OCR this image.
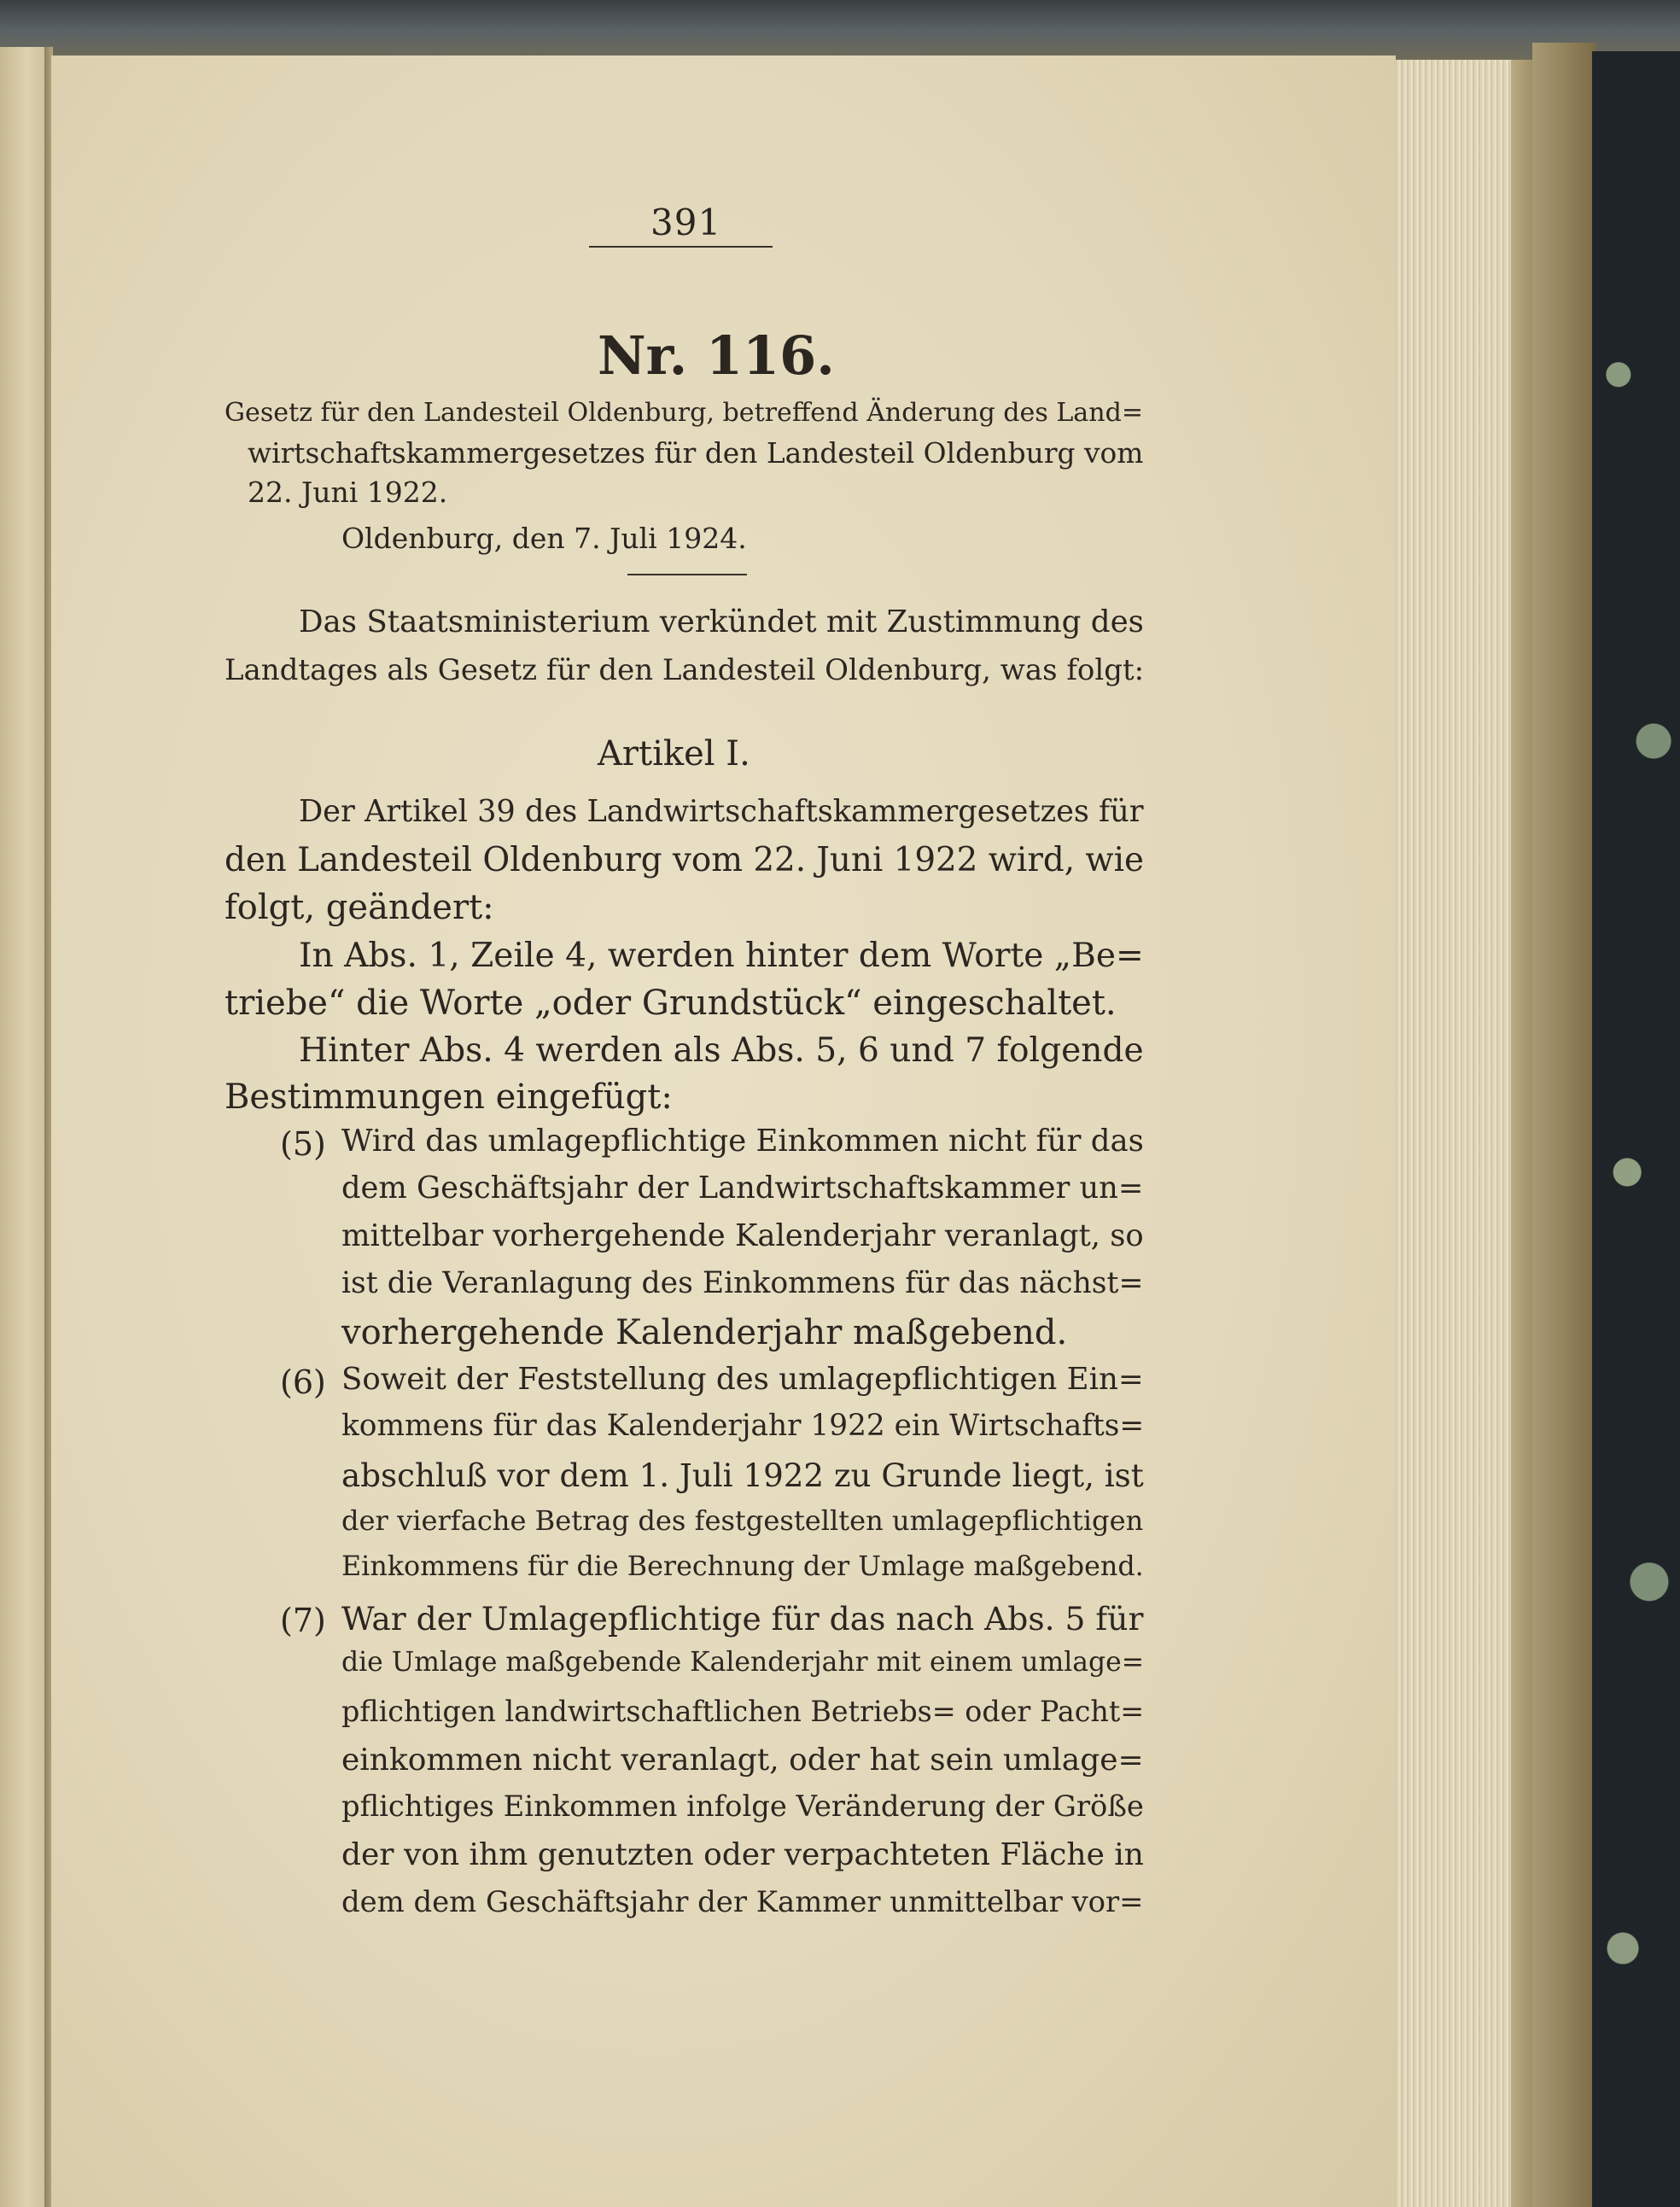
391
Nr. 116.
Gesetz für den Landesteil Oldenburg, betreffend Änderung des Land=
wirtschaftskammergesetzes für den Landesteil Oldenburg vom
22. Juni 1922.
Oldenburg, den 7. Juli 1924.
Das Staatsministerium verkündet mit Zustimmung des
Landtages als Gesetz für den Landesteil Oldenburg, was folgt:
Artikel I.
Der Artikel 39 des Landwirtschaftskammergesetzes für
den Landesteil Oldenburg vom 22. Juni 1922 wird, wie
folgt, geändert:
In Abs. 1, Zeile 4, werden hinter dem Worte „Be=
triebe“ die Worte „oder Grundstück“ eingeschaltet.
Hinter Abs. 4 werden als Abs. 5, 6 und 7 folgende
Bestimmungen eingefügt:
(5) Wird das umlagepflichtige Einkommen nicht für das
dem Geschäftsjahr der Landwirtschaftskammer un=
mittelbar vorhergehende Kalenderjahr veranlagt, so
ist die Veranlagung des Einkommens für das nächst=
vorhergehende Kalenderjahr maßgebend.
(6) Soweit der Feststellung des umlagepflichtigen Ein=
kommens für das Kalenderjahr 1922 ein Wirtschafts=
abschluß vor dem 1. Juli 1922 zu Grunde liegt, ist
der vierfache Betrag des festgestellten umlagepflichtigen
Einkommens für die Berechnung der Umlage maßgebend.
(7) War der Umlagepflichtige für das nach Abs. 5 für
die Umlage maßgebende Kalenderjahr mit einem umlage=
pflichtigen landwirtschaftlichen Betriebs= oder Pacht=
einkommen nicht veranlagt, oder hat sein umlage=
pflichtiges Einkommen infolge Veränderung der Größe
der von ihm genutzten oder verpachteten Fläche in
dem dem Geschäftsjahr der Kammer unmittelbar vor=
